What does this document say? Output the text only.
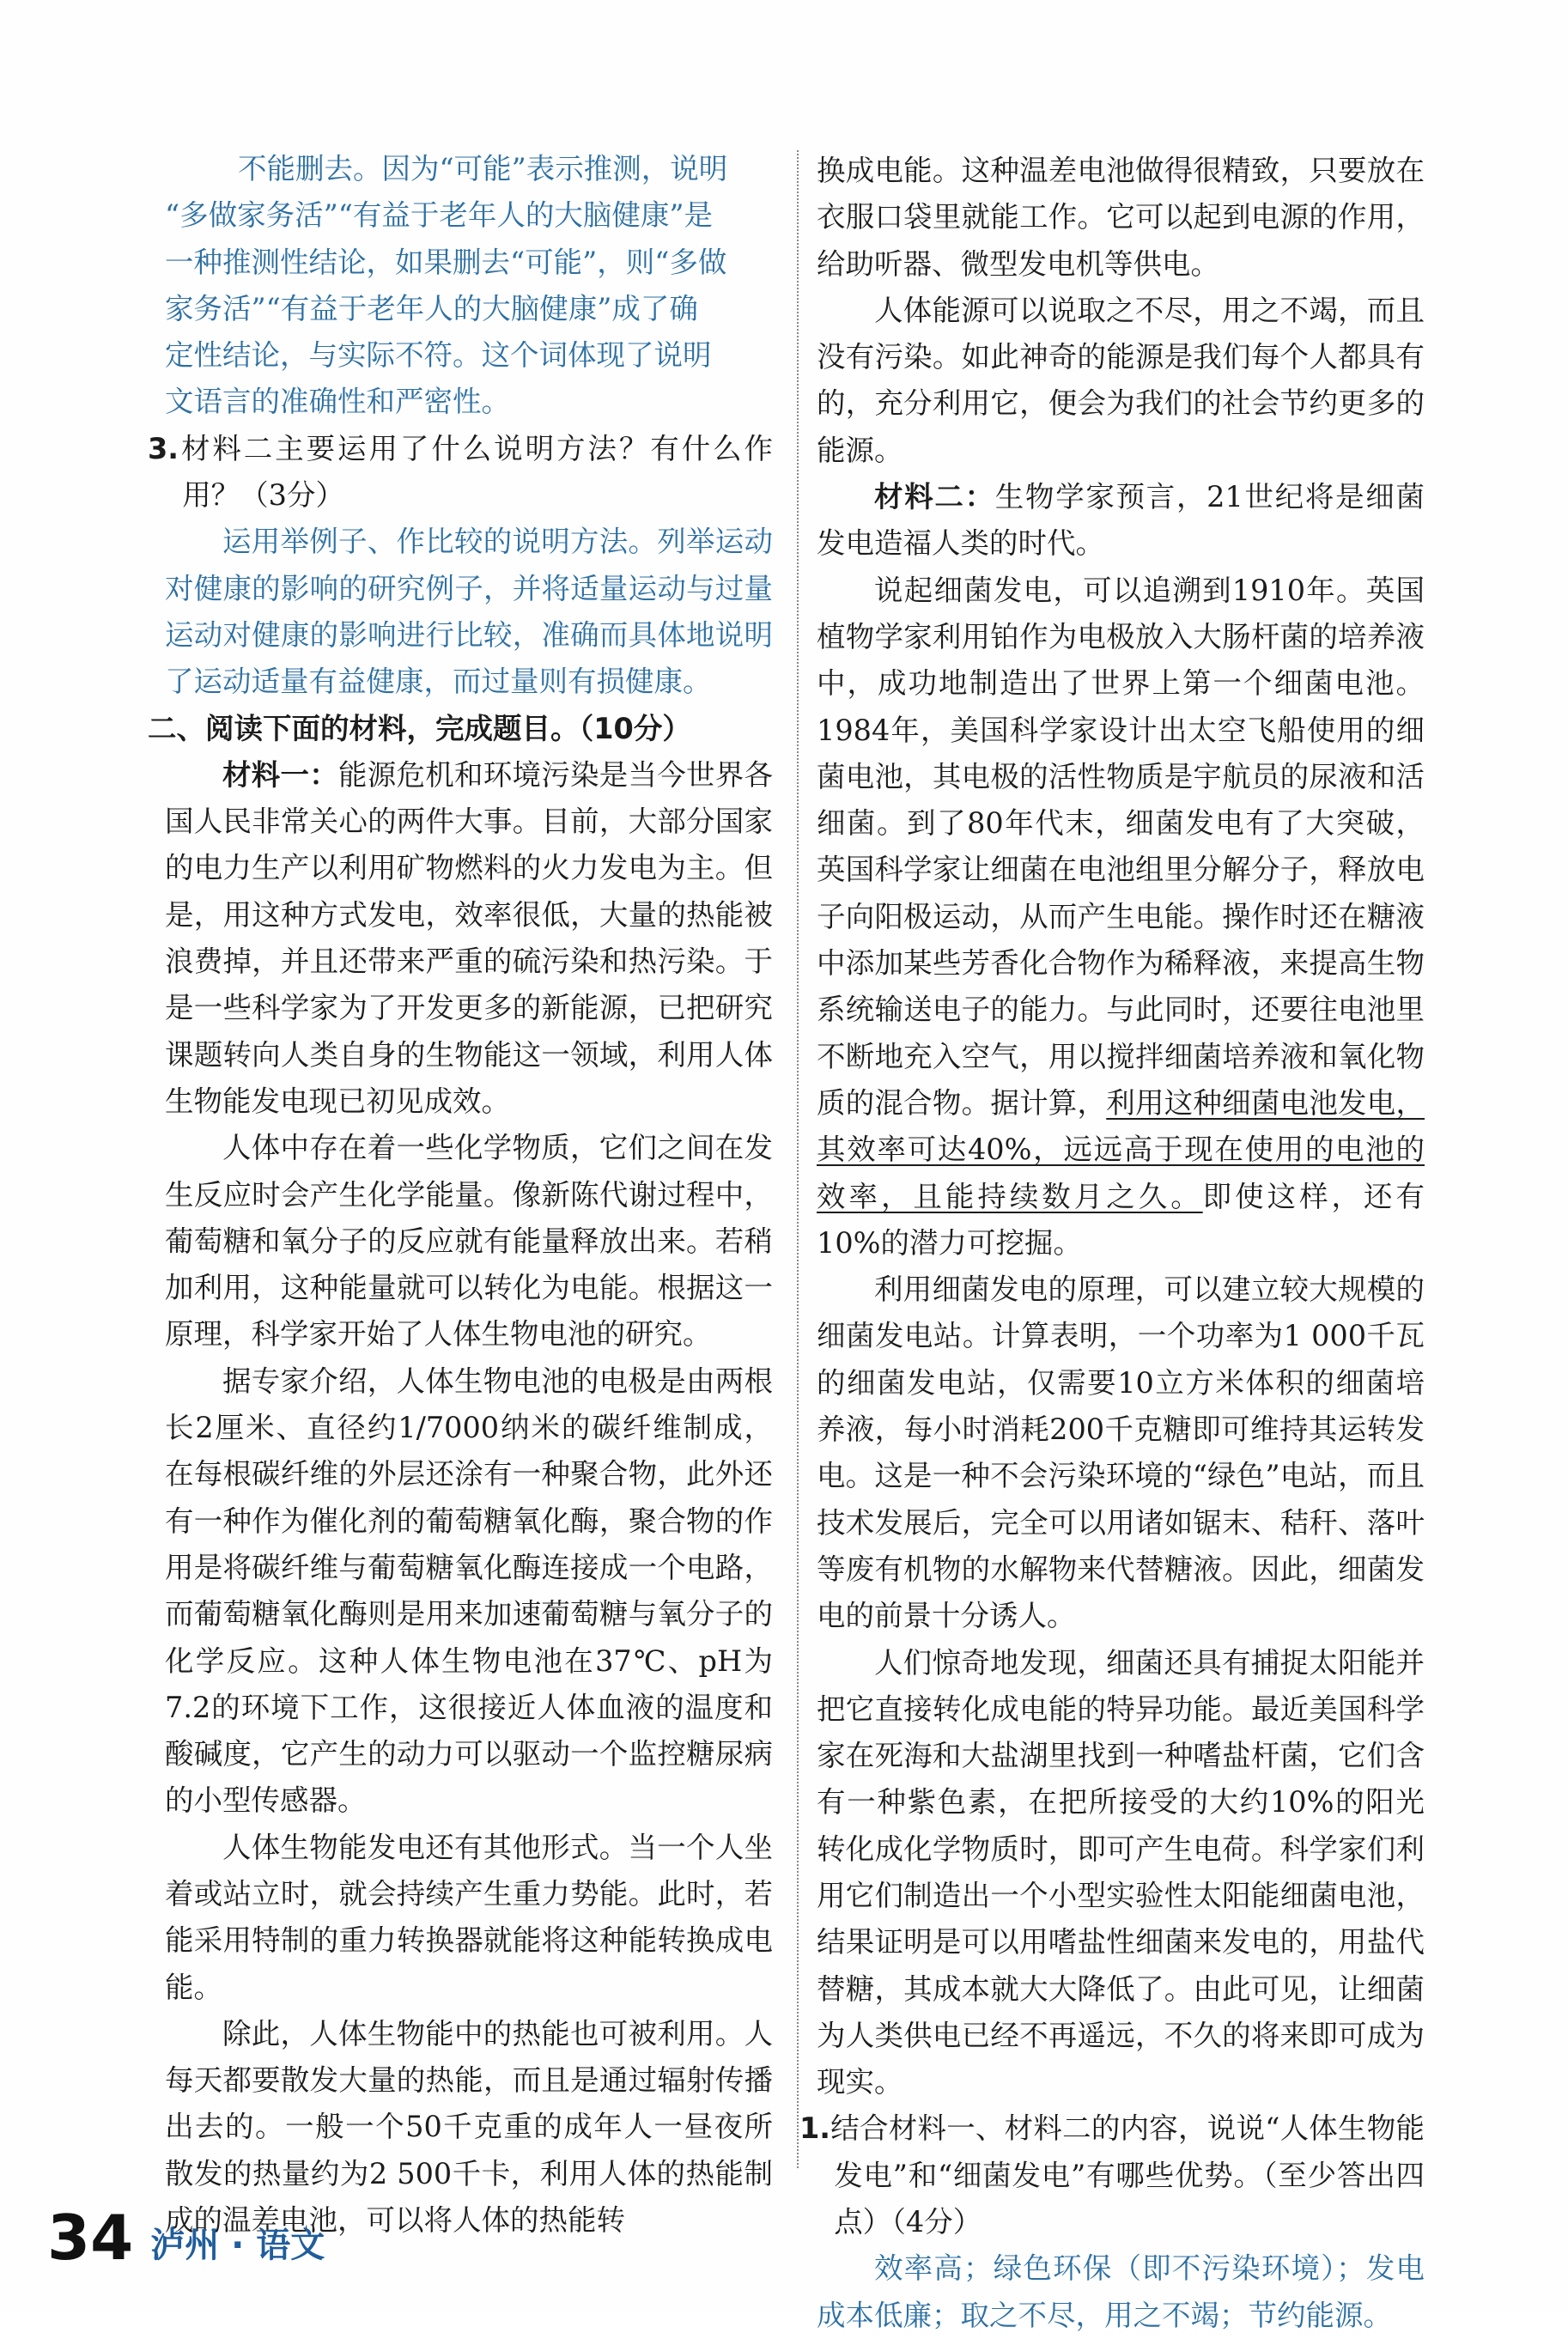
不能删去。因为“可能”表示推测，说明

“多做家务活”“有益于老年人的大脑健康”是

一种推测性结论，如果删去“可能”，则“多做

家务活”“有益于老年人的大脑健康”成了确

定性结论，与实际不符。这个词体现了说明

文语言的准确性和严密性。

3.材料二主要运用了什么说明方法？有什么作用？（3分）

运用举例子、作比较的说明方法。列举运动对健康的影响的研究例子，并将适量运动与过量运动对健康的影响进行比较，准确而具体地说明了运动适量有益健康，而过量则有损健康。

二、阅读下面的材料，完成题目。（10分）

材料一：能源危机和环境污染是当今世界各国人民非常关心的两件大事。目前，大部分国家的电力生产以利用矿物燃料的火力发电为主。但是，用这种方式发电，效率很低，大量的热能被浪费掉，并且还带来严重的硫污染和热污染。于是一些科学家为了开发更多的新能源，已把研究课题转向人类自身的生物能这一领域，利用人体生物能发电现已初见成效。

人体中存在着一些化学物质，它们之间在发生反应时会产生化学能量。像新陈代谢过程中，葡萄糖和氧分子的反应就有能量释放出来。若稍加利用，这种能量就可以转化为电能。根据这一原理，科学家开始了人体生物电池的研究。

据专家介绍，人体生物电池的电极是由两根长2厘米、直径约1/7000纳米的碳纤维制成，在每根碳纤维的外层还涂有一种聚合物，此外还有一种作为催化剂的葡萄糖氧化酶，聚合物的作用是将碳纤维与葡萄糖氧化酶连接成一个电路，而葡萄糖氧化酶则是用来加速葡萄糖与氧分子的化学反应。这种人体生物电池在37℃、pH为7.2的环境下工作，这很接近人体血液的温度和酸碱度，它产生的动力可以驱动一个监控糖尿病的小型传感器。

人体生物能发电还有其他形式。当一个人坐着或站立时，就会持续产生重力势能。此时，若能采用特制的重力转换器就能将这种能转换成电能。

除此，人体生物能中的热能也可被利用。人每天都要散发大量的热能，而且是通过辐射传播出去的。一般一个50千克重的成年人一昼夜所散发的热量约为2 500千卡，利用人体的热能制成的温差电池，可以将人体的热能转

换成电能。这种温差电池做得很精致，只要放在衣服口袋里就能工作。它可以起到电源的作用，给助听器、微型发电机等供电。

人体能源可以说取之不尽，用之不竭，而且没有污染。如此神奇的能源是我们每个人都具有的，充分利用它，便会为我们的社会节约更多的能源。

材料二：生物学家预言，21世纪将是细菌发电造福人类的时代。

说起细菌发电，可以追溯到1910年。英国植物学家利用铂作为电极放入大肠杆菌的培养液中，成功地制造出了世界上第一个细菌电池。1984年，美国科学家设计出太空飞船使用的细菌电池，其电极的活性物质是宇航员的尿液和活细菌。到了80年代末，细菌发电有了大突破，英国科学家让细菌在电池组里分解分子，释放电子向阳极运动，从而产生电能。操作时还在糖液中添加某些芳香化合物作为稀释液，来提高生物系统输送电子的能力。与此同时，还要往电池里不断地充入空气，用以搅拌细菌培养液和氧化物质的混合物。据计算，利用这种细菌电池发电，其效率可达40%，远远高于现在使用的电池的效率，且能持续数月之久。即使这样，还有10%的潜力可挖掘。

利用细菌发电的原理，可以建立较大规模的细菌发电站。计算表明，一个功率为1 000千瓦的细菌发电站，仅需要10立方米体积的细菌培养液，每小时消耗200千克糖即可维持其运转发电。这是一种不会污染环境的“绿色”电站，而且技术发展后，完全可以用诸如锯末、秸秆、落叶等废有机物的水解物来代替糖液。因此，细菌发电的前景十分诱人。

人们惊奇地发现，细菌还具有捕捉太阳能并把它直接转化成电能的特异功能。最近美国科学家在死海和大盐湖里找到一种嗜盐杆菌，它们含有一种紫色素，在把所接受的大约10%的阳光转化成化学物质时，即可产生电荷。科学家们利用它们制造出一个小型实验性太阳能细菌电池，结果证明是可以用嗜盐性细菌来发电的，用盐代替糖，其成本就大大降低了。由此可见，让细菌为人类供电已经不再遥远，不久的将来即可成为现实。

1.结合材料一、材料二的内容，说说“人体生物能发电”和“细菌发电”有哪些优势。（至少答出四点）（4分）

效率高；绿色环保（即不污染环境）；发电成本低廉；取之不尽，用之不竭；节约能源。

34 泸州 · 语文
